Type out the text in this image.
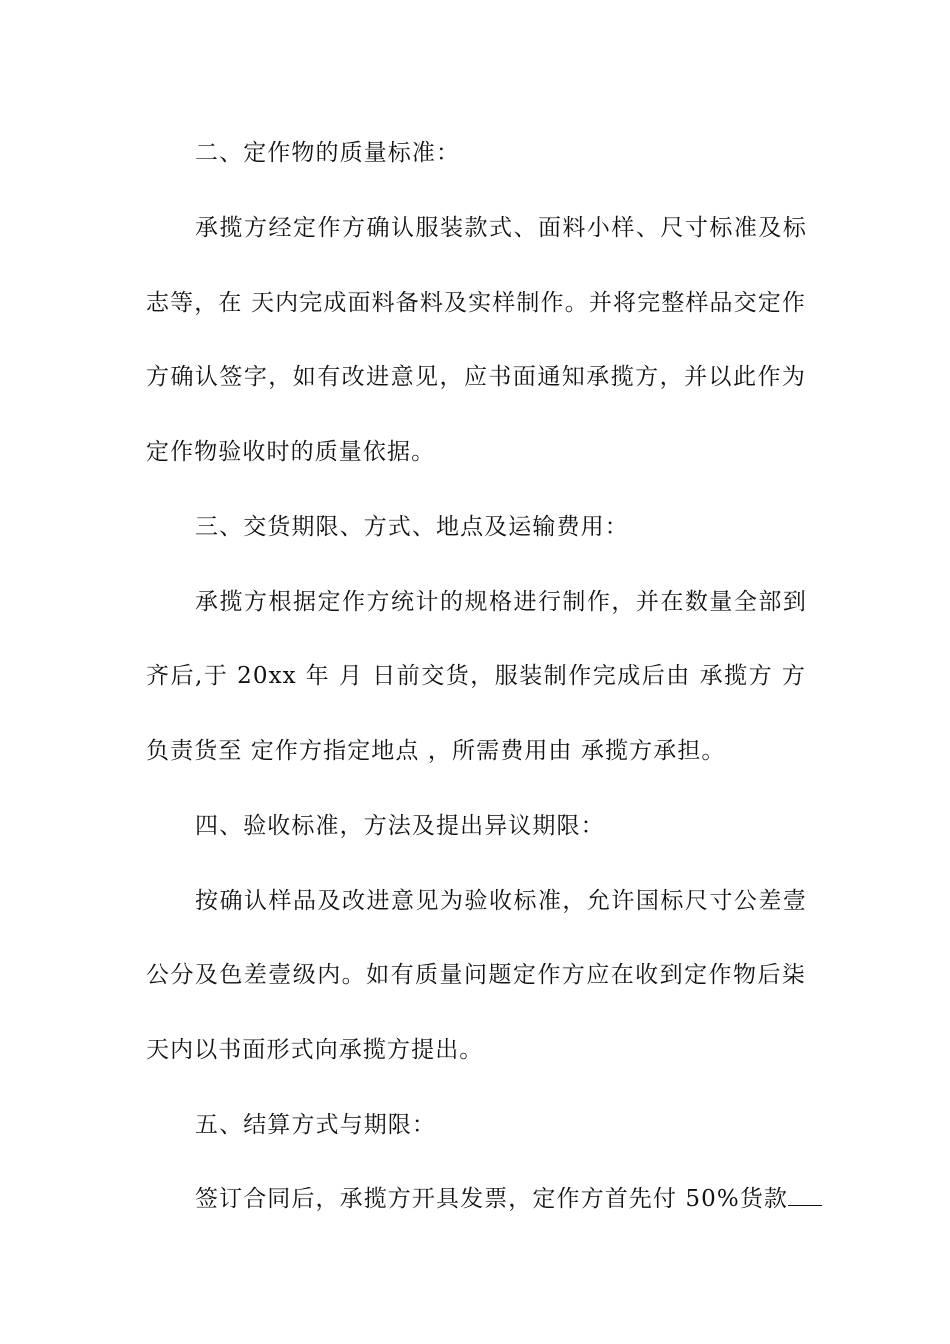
二、定作物的质量标准：
承揽方经定作方确认服装款式、面料小样、尺寸标准及标
志等，在 天内完成面料备料及实样制作。并将完整样品交定作
方确认签字，如有改进意见，应书面通知承揽方，并以此作为
定作物验收时的质量依据。
三、交货期限、方式、地点及运输费用：
承揽方根据定作方统计的规格进行制作，并在数量全部到
齐后,于 20xx 年 月 日前交货，服装制作完成后由 承揽方 方
负责货至 定作方指定地点 ，所需费用由 承揽方承担。
四、验收标准，方法及提出异议期限：
按确认样品及改进意见为验收标准，允许国标尺寸公差壹
公分及色差壹级内。如有质量问题定作方应在收到定作物后柒
天内以书面形式向承揽方提出。
五、结算方式与期限：
签订合同后，承揽方开具发票，定作方首先付 50%货款
